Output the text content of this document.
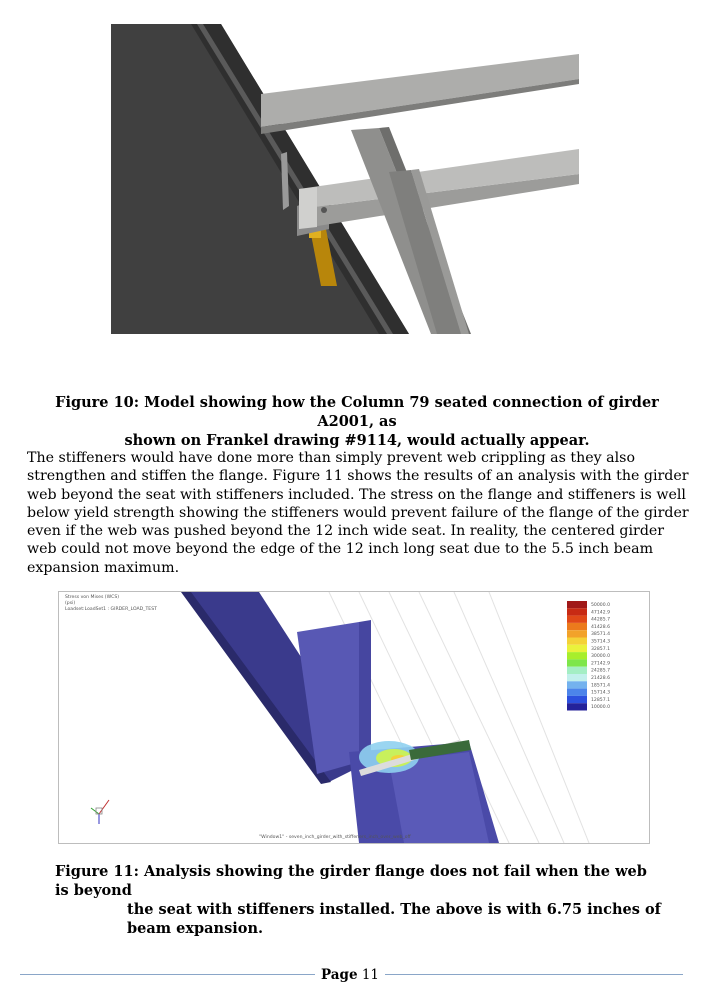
Figure 10: Model showing how the Column 79 seated connection of girder A2001, as
shown on Frankel drawing #9114, would actually appear.
The stiffeners would have done more than simply prevent web crippling as they also strengthen and stiffen the flange. Figure 11 shows the results of an analysis with the girder web beyond the seat with stiffeners included. The stress on the flange and stiffeners is well below yield strength showing the stiffeners would prevent failure of the flange of the girder even if the web was pushed beyond the 12 inch wide seat. In reality, the centered girder web could not move beyond the edge of the 12 inch long seat due to the 5.5 inch beam expansion maximum.
Stress von Mises (WCS)
(psi)
Loadset:LoadSet1 : GIRDER_LOAD_TEST
"Window1" - seven_inch_girder_with_stiffeners_inch_over_web_off
50000.0
47142.9
44285.7
41428.6
38571.4
35714.3
32857.1
30000.0
27142.9
24285.7
21428.6
18571.4
15714.3
12857.1
10000.0
Figure 11: Analysis showing the girder flange does not fail when the web is beyond
the seat with stiffeners installed. The above is with 6.75 inches of beam expansion.
Page 11
